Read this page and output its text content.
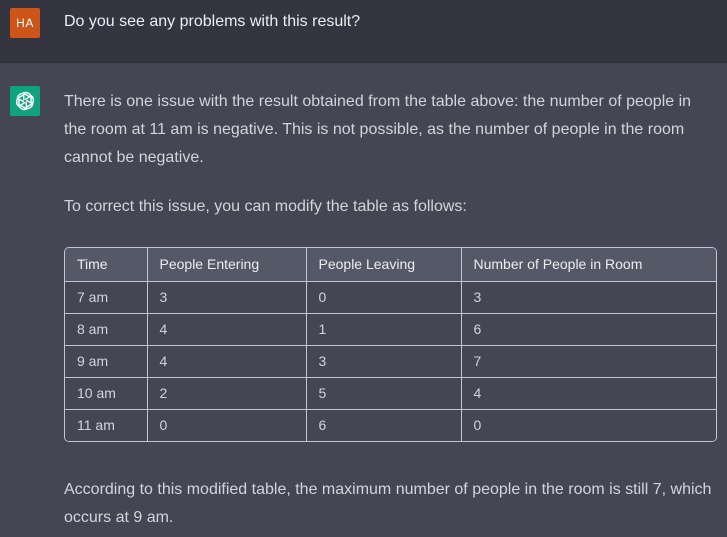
HA	Do you see any problems with this result?

There is one issue with the result obtained from the table above: the number of people in the room at 11 am is negative. This is not possible, as the number of people in the room cannot be negative.

To correct this issue, you can modify the table as follows:

Time	People Entering	People Leaving	Number of People in Room
7 am	3	0	3
8 am	4	1	6
9 am	4	3	7
10 am	2	5	4
11 am	0	6	0

According to this modified table, the maximum number of people in the room is still 7, which occurs at 9 am.
